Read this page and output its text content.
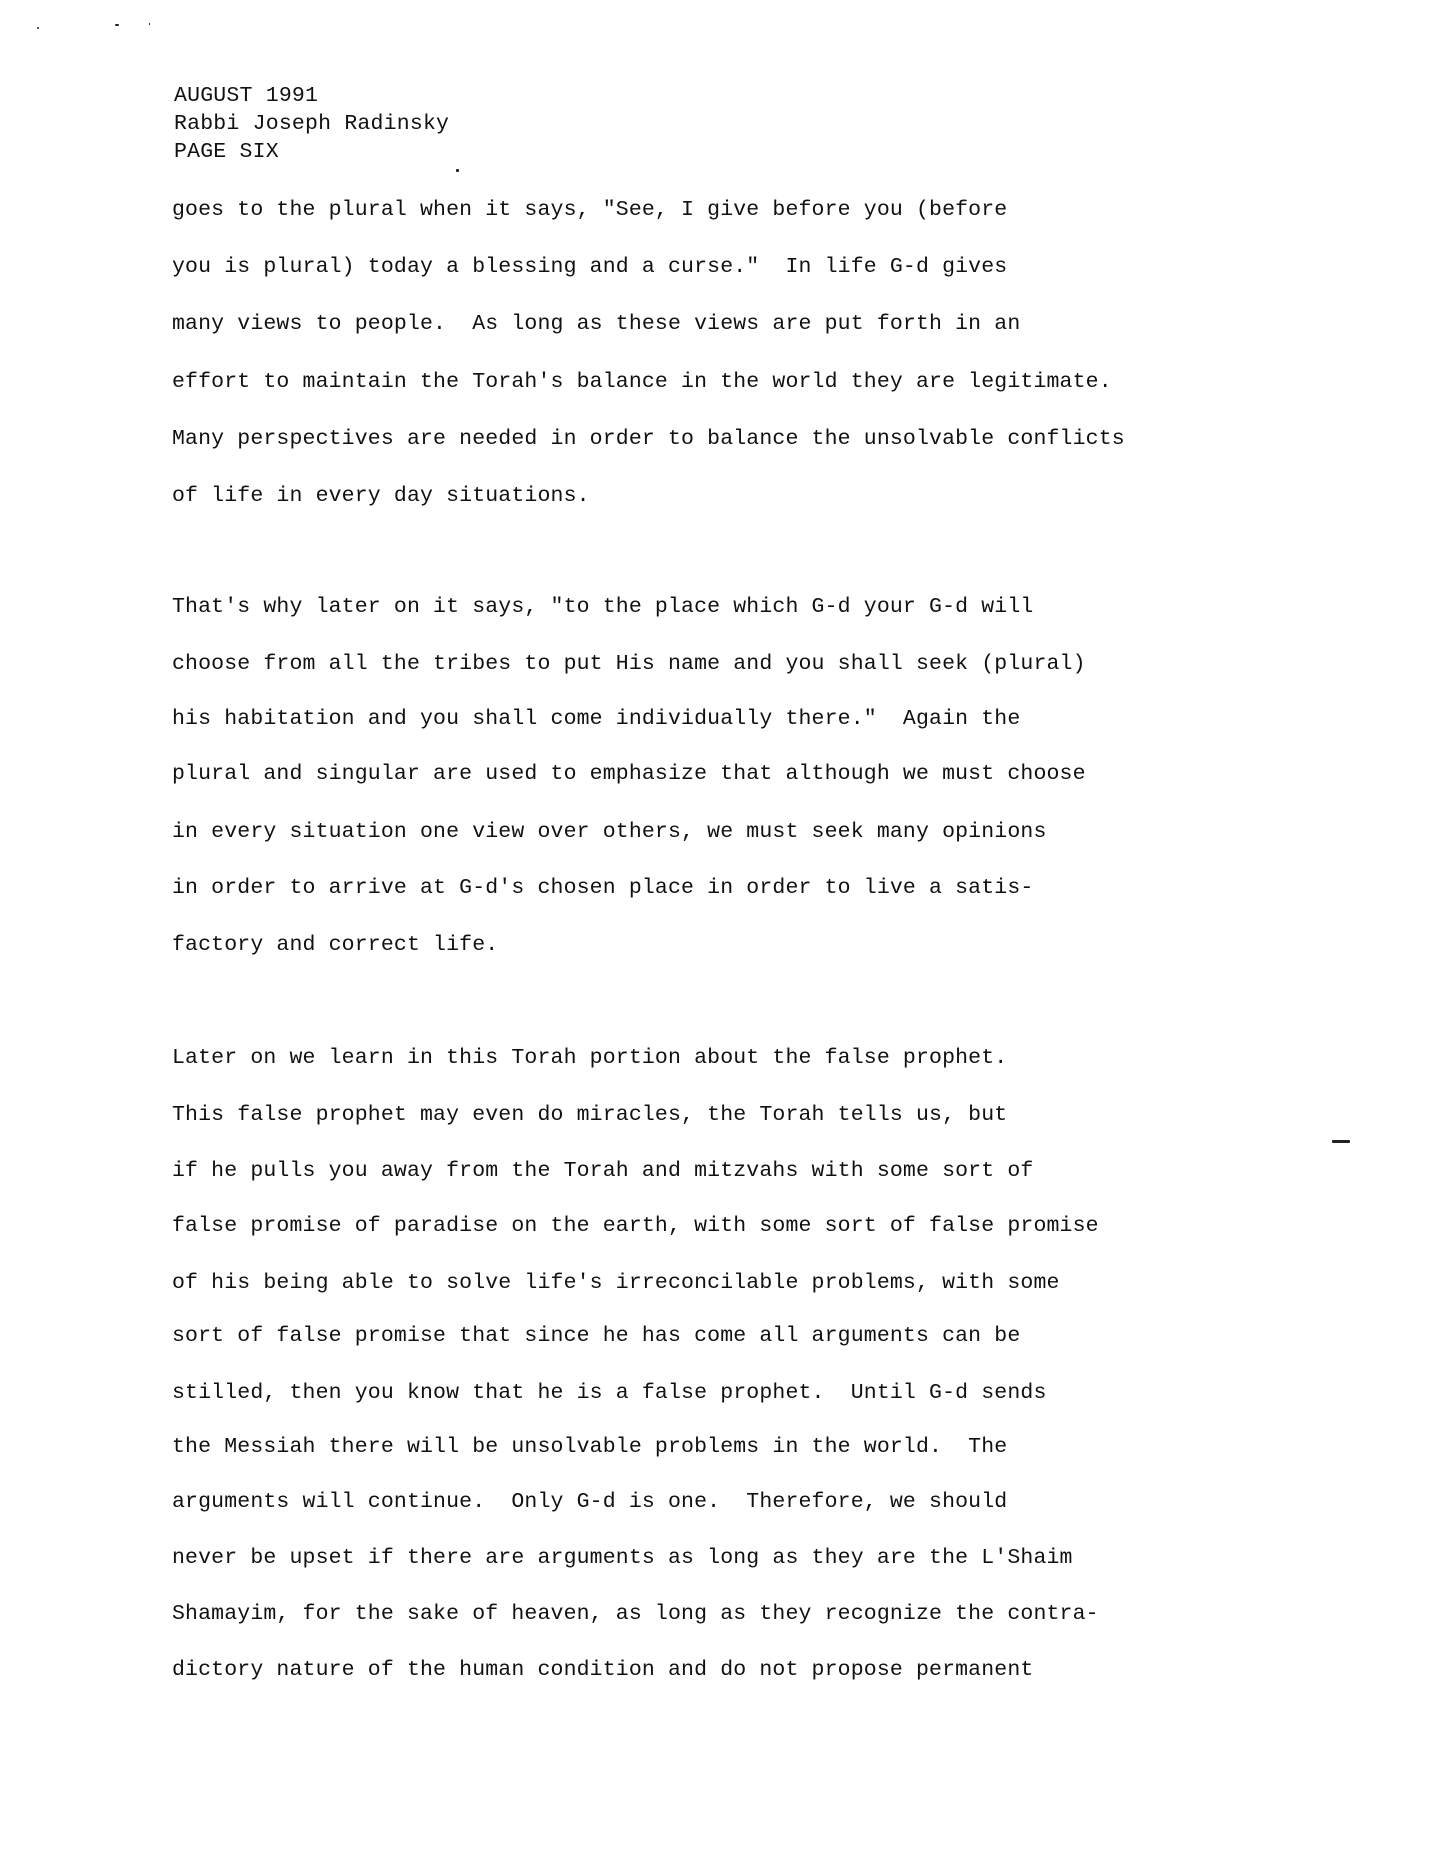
AUGUST 1991
Rabbi Joseph Radinsky
PAGE SIX
goes to the plural when it says, "See, I give before you (before
you is plural) today a blessing and a curse."  In life G-d gives
many views to people.  As long as these views are put forth in an
effort to maintain the Torah's balance in the world they are legitimate.
Many perspectives are needed in order to balance the unsolvable conflicts
of life in every day situations.
That's why later on it says, "to the place which G-d your G-d will
choose from all the tribes to put His name and you shall seek (plural)
his habitation and you shall come individually there."  Again the
plural and singular are used to emphasize that although we must choose
in every situation one view over others, we must seek many opinions
in order to arrive at G-d's chosen place in order to live a satis-
factory and correct life.
Later on we learn in this Torah portion about the false prophet.
This false prophet may even do miracles, the Torah tells us, but
if he pulls you away from the Torah and mitzvahs with some sort of
false promise of paradise on the earth, with some sort of false promise
of his being able to solve life's irreconcilable problems, with some
sort of false promise that since he has come all arguments can be
stilled, then you know that he is a false prophet.  Until G-d sends
the Messiah there will be unsolvable problems in the world.  The
arguments will continue.  Only G-d is one.  Therefore, we should
never be upset if there are arguments as long as they are the L'Shaim
Shamayim, for the sake of heaven, as long as they recognize the contra-
dictory nature of the human condition and do not propose permanent
